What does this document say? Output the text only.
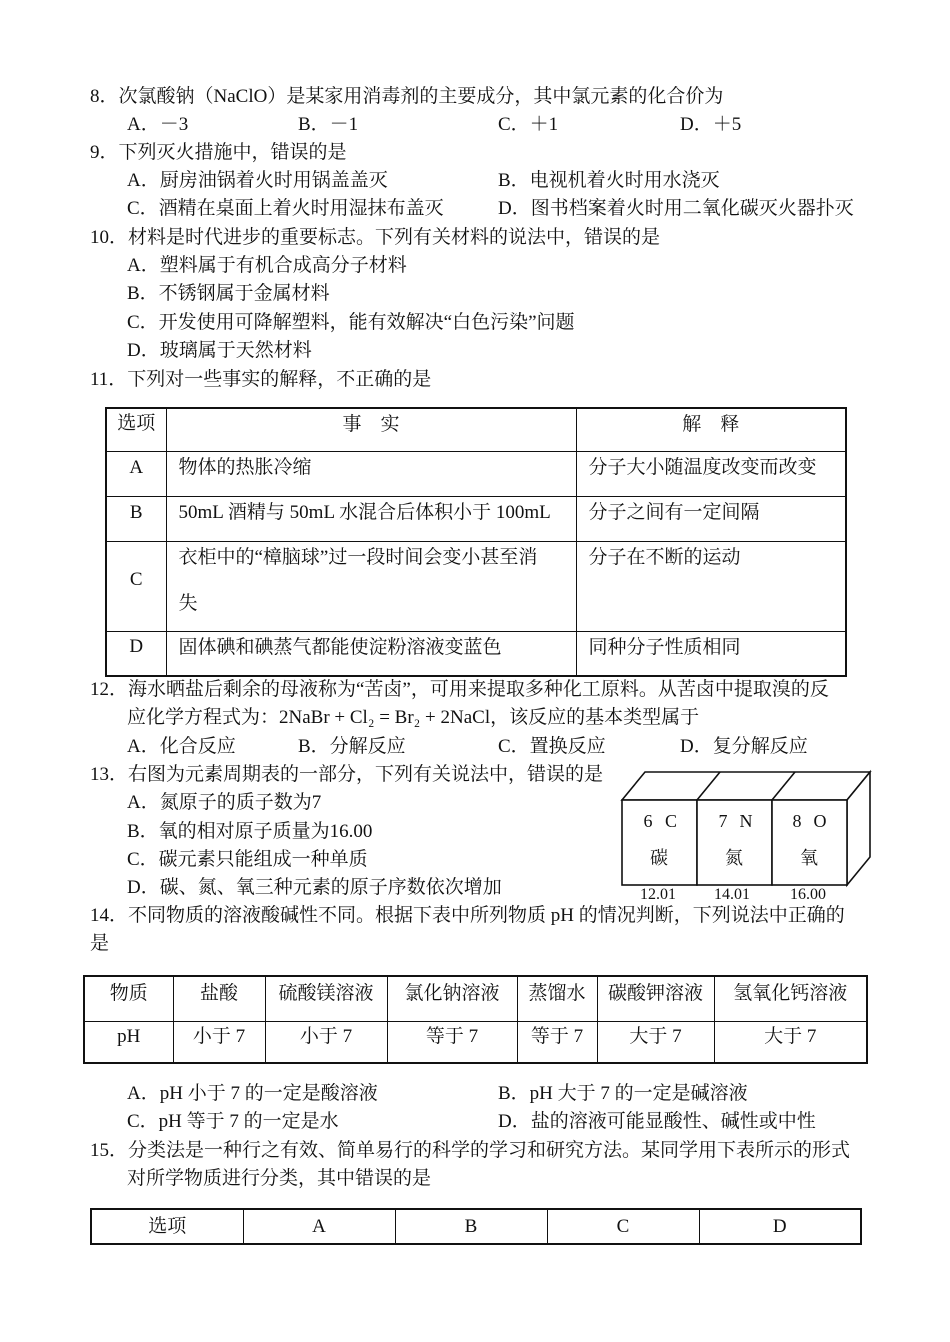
8．次氯酸钠（NaClO）是某家用消毒剂的主要成分，其中氯元素的化合价为
A．－3	B．－1	C．＋1	D．＋5
9．下列灭火措施中，错误的是
A．厨房油锅着火时用锅盖盖灭	B．电视机着火时用水浇灭
C．酒精在桌面上着火时用湿抹布盖灭	D．图书档案着火时用二氧化碳灭火器扑灭
10．材料是时代进步的重要标志。下列有关材料的说法中，错误的是
A．塑料属于有机合成高分子材料
B．不锈钢属于金属材料
C．开发使用可降解塑料，能有效解决“白色污染”问题
D．玻璃属于天然材料
11．下列对一些事实的解释，不正确的是
选项	事　实	解　释
A	物体的热胀冷缩	分子大小随温度改变而改变
B	50mL 酒精与 50mL 水混合后体积小于 100mL	分子之间有一定间隔
C	衣柜中的“樟脑球”过一段时间会变小甚至消
失	分子在不断的运动
D	固体碘和碘蒸气都能使淀粉溶液变蓝色	同种分子性质相同
12．海水晒盐后剩余的母液称为“苦卤”，可用来提取多种化工原料。从苦卤中提取溴的反
应化学方程式为：2NaBr + Cl₂ = Br₂ + 2NaCl，该反应的基本类型属于
A．化合反应	B．分解反应	C．置换反应	D．复分解反应
13．右图为元素周期表的一部分，下列有关说法中，错误的是
A．氮原子的质子数为7
B．氧的相对原子质量为16.00
C．碳元素只能组成一种单质
D．碳、氮、氧三种元素的原子序数依次增加
6 C
碳
12.01
7 N
氮
14.01
8 O
氧
16.00
14．不同物质的溶液酸碱性不同。根据下表中所列物质 pH 的情况判断，下列说法中正确的
是
物质	盐酸	硫酸镁溶液	氯化钠溶液	蒸馏水	碳酸钾溶液	氢氧化钙溶液
pH	小于 7	小于 7	等于 7	等于 7	大于 7	大于 7
A．pH 小于 7 的一定是酸溶液	B．pH 大于 7 的一定是碱溶液
C．pH 等于 7 的一定是水	D．盐的溶液可能显酸性、碱性或中性
15．分类法是一种行之有效、简单易行的科学的学习和研究方法。某同学用下表所示的形式
对所学物质进行分类，其中错误的是
选项	A	B	C	D
